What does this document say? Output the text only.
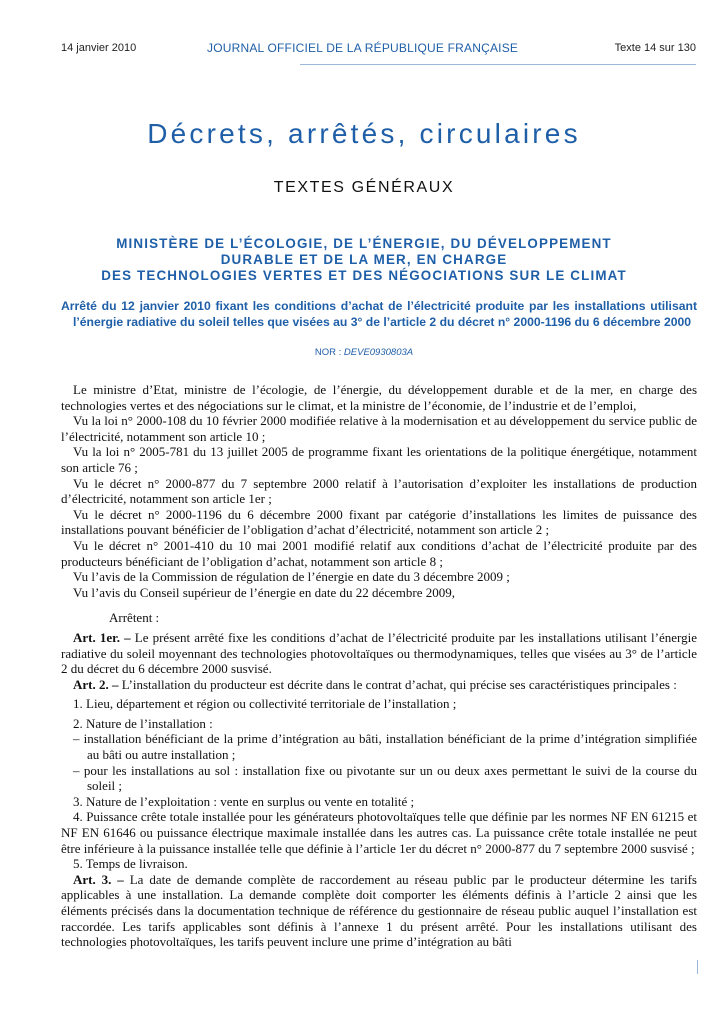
14 janvier 2010	JOURNAL OFFICIEL DE LA RÉPUBLIQUE FRANÇAISE	Texte 14 sur 130
Décrets, arrêtés, circulaires
TEXTES GÉNÉRAUX
MINISTÈRE DE L’ÉCOLOGIE, DE L’ÉNERGIE, DU DÉVELOPPEMENT
DURABLE ET DE LA MER, EN CHARGE
DES TECHNOLOGIES VERTES ET DES NÉGOCIATIONS SUR LE CLIMAT
Arrêté du 12 janvier 2010 fixant les conditions d’achat de l’électricité produite par les installations utilisant l’énergie radiative du soleil telles que visées au 3° de l’article 2 du décret n° 2000-1196 du 6 décembre 2000
NOR : DEVE0930803A

Le ministre d’Etat, ministre de l’écologie, de l’énergie, du développement durable et de la mer, en charge des technologies vertes et des négociations sur le climat, et la ministre de l’économie, de l’industrie et de l’emploi,

Vu la loi n° 2000-108 du 10 février 2000 modifiée relative à la modernisation et au développement du service public de l’électricité, notamment son article 10 ;

Vu la loi n° 2005-781 du 13 juillet 2005 de programme fixant les orientations de la politique énergétique, notamment son article 76 ;

Vu le décret n° 2000-877 du 7 septembre 2000 relatif à l’autorisation d’exploiter les installations de production d’électricité, notamment son article 1er ;

Vu le décret n° 2000-1196 du 6 décembre 2000 fixant par catégorie d’installations les limites de puissance des installations pouvant bénéficier de l’obligation d’achat d’électricité, notamment son article 2 ;

Vu le décret n° 2001-410 du 10 mai 2001 modifié relatif aux conditions d’achat de l’électricité produite par des producteurs bénéficiant de l’obligation d’achat, notamment son article 8 ;

Vu l’avis de la Commission de régulation de l’énergie en date du 3 décembre 2009 ;

Vu l’avis du Conseil supérieur de l’énergie en date du 22 décembre 2009,

Arrêtent :

Art. 1er. – Le présent arrêté fixe les conditions d’achat de l’électricité produite par les installations utilisant l’énergie radiative du soleil moyennant des technologies photovoltaïques ou thermodynamiques, telles que visées au 3° de l’article 2 du décret du 6 décembre 2000 susvisé.

Art. 2. – L’installation du producteur est décrite dans le contrat d’achat, qui précise ses caractéristiques principales :

1. Lieu, département et région ou collectivité territoriale de l’installation ;

2. Nature de l’installation :

– installation bénéficiant de la prime d’intégration au bâti, installation bénéficiant de la prime d’intégration simplifiée au bâti ou autre installation ;

– pour les installations au sol : installation fixe ou pivotante sur un ou deux axes permettant le suivi de la course du soleil ;

3. Nature de l’exploitation : vente en surplus ou vente en totalité ;

4. Puissance crête totale installée pour les générateurs photovoltaïques telle que définie par les normes NF EN 61215 et NF EN 61646 ou puissance électrique maximale installée dans les autres cas. La puissance crête totale installée ne peut être inférieure à la puissance installée telle que définie à l’article 1er du décret n° 2000-877 du 7 septembre 2000 susvisé ;

5. Temps de livraison.

Art. 3. – La date de demande complète de raccordement au réseau public par le producteur détermine les tarifs applicables à une installation. La demande complète doit comporter les éléments définis à l’article 2 ainsi que les éléments précisés dans la documentation technique de référence du gestionnaire de réseau public auquel l’installation est raccordée. Les tarifs applicables sont définis à l’annexe 1 du présent arrêté. Pour les installations utilisant des technologies photovoltaïques, les tarifs peuvent inclure une prime d’intégration au bâti
